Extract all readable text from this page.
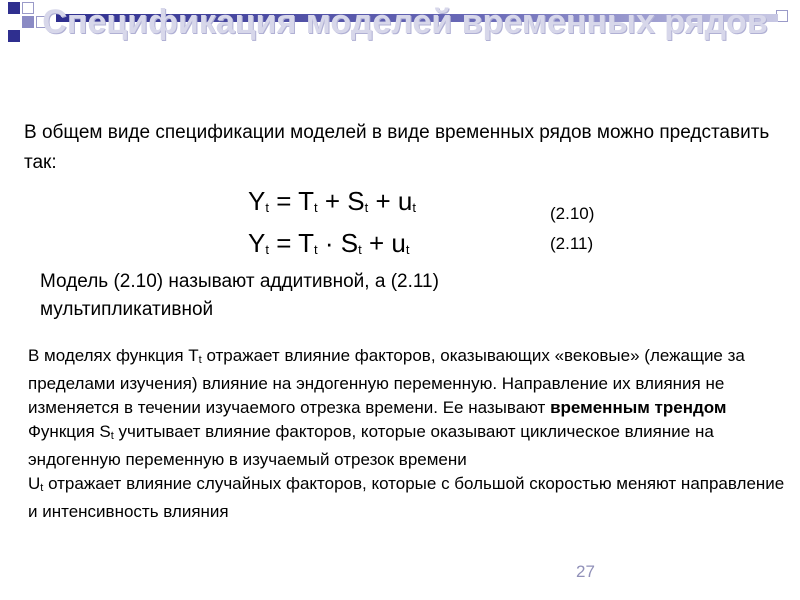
Спецификация моделей временных рядов
В общем виде спецификации моделей в виде временных рядов можно представить так:
$Y_t = T_t + S_t + u_t$	(2.10)
$Y_t = T_t \cdot S_t + u_t$	(2.11)
Модель (2.10) называют аддитивной, а (2.11) мультипликативной

В моделях функция $T_t$ отражает влияние факторов, оказывающих «вековые» (лежащие за пределами изучения) влияние на эндогенную переменную. Направление их влияния не изменяется в течении изучаемого отрезка времени. Ее называют временным трендом

Функция $S_t$ учитывает влияние факторов, которые оказывают циклическое влияние на эндогенную переменную в изучаемый отрезок времени

$U_t$ отражает влияние случайных факторов, которые с большой скоростью меняют направление и интенсивность влияния

27
